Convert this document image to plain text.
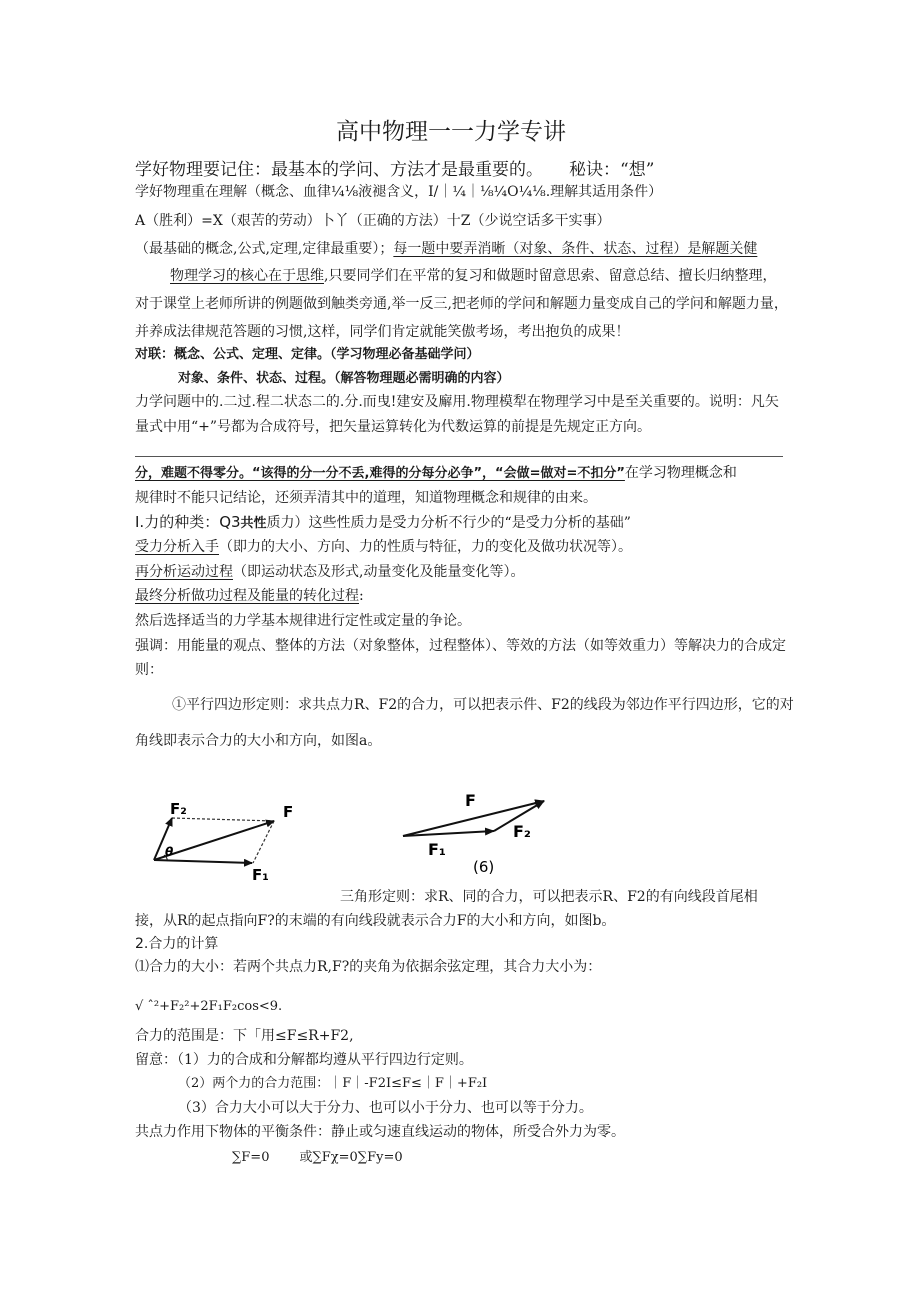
高中物理一一力学专讲
学好物理要记住：最基本的学问、方法才是最重要的。 秘诀：“想”
学好物理重在理解（概念、血律¼⅛液褪含义，I/｜¼｜⅛¼O¼⅛.理解其适用条件）
A（胜利）=X（艰苦的劳动）卜丫（正确的方法）十Z（少说空话多干实事）
（最基础的概念,公式,定理,定律最重要）；每一题中要弄消晰（对象、条件、状态、过程）是解题关健
物理学习的核心在于思维,只要同学们在平常的复习和做题时留意思索、留意总结、擅长归纳整理，
对于课堂上老师所讲的例题做到触类旁通,举一反三,把老师的学问和解题力量变成自己的学问和解题力量，
并养成法律规范答题的习惯,这样，同学们肯定就能笑傲考场，考出抱负的成果！
对联：概念、公式、定理、定律。（学习物理必备基础学问）
对象、条件、状态、过程。（解答物理题必需明确的内容）
力学问题中的.二过.程二状态二的.分.而曳!建安及廨用.物理模犁在物理学习中是至关重要的。说明：凡矢
量式中用“+”号都为合成符号，把矢量运算转化为代数运算的前提是先规定正方向。
分，难题不得零分。“该得的分一分不丢,难得的分每分必争”，“会做=做对=不扣分”在学习物理概念和
规律时不能只记结论，还须弄清其中的道理，知道物理概念和规律的由来。
I.力的种类：Q3共性质力）这些性质力是受力分析不行少的“是受力分析的基础”
受力分析入手（即力的大小、方向、力的性质与特征，力的变化及做功状况等）。
再分析运动过程（即运动状态及形式,动量变化及能量变化等）。
最终分析做功过程及能量的转化过程:
然后选择适当的力学基本规律进行定性或定量的争论。
强调：用能量的观点、整体的方法（对象整体，过程整体）、等效的方法（如等效重力）等解决力的合成定
则：
①平行四边形定则：求共点力R、F2的合力，可以把表示件、F2的线段为邻边作平行四边形，它的对
角线即表示合力的大小和方向，如图a。
F₂	F
F₁
θ
F
F₂
F₁
(6)
三角形定则：求R、同的合力，可以把表示R、F2的有向线段首尾相
接，从R的起点指向F?的末端的有向线段就表示合力F的大小和方向，如图b。
2.合力的计算
⑴合力的大小：若两个共点力R,F?的夹角为依据余弦定理，其合力大小为：
√ ˆ²+F₂²+2F₁F₂cos<9.
合力的范围是：下「用≤F≤R+F2,
留意：（1）力的合成和分解都均遵从平行四边行定则。
（2）两个力的合力范围：｜F｜-F2I≤F≤｜F｜+F₂I
（3）合力大小可以大于分力、也可以小于分力、也可以等于分力。
共点力作用下物体的平衡条件：静止或匀速直线运动的物体，所受合外力为零。
∑F=0 或∑Fχ=0∑Fy=0
